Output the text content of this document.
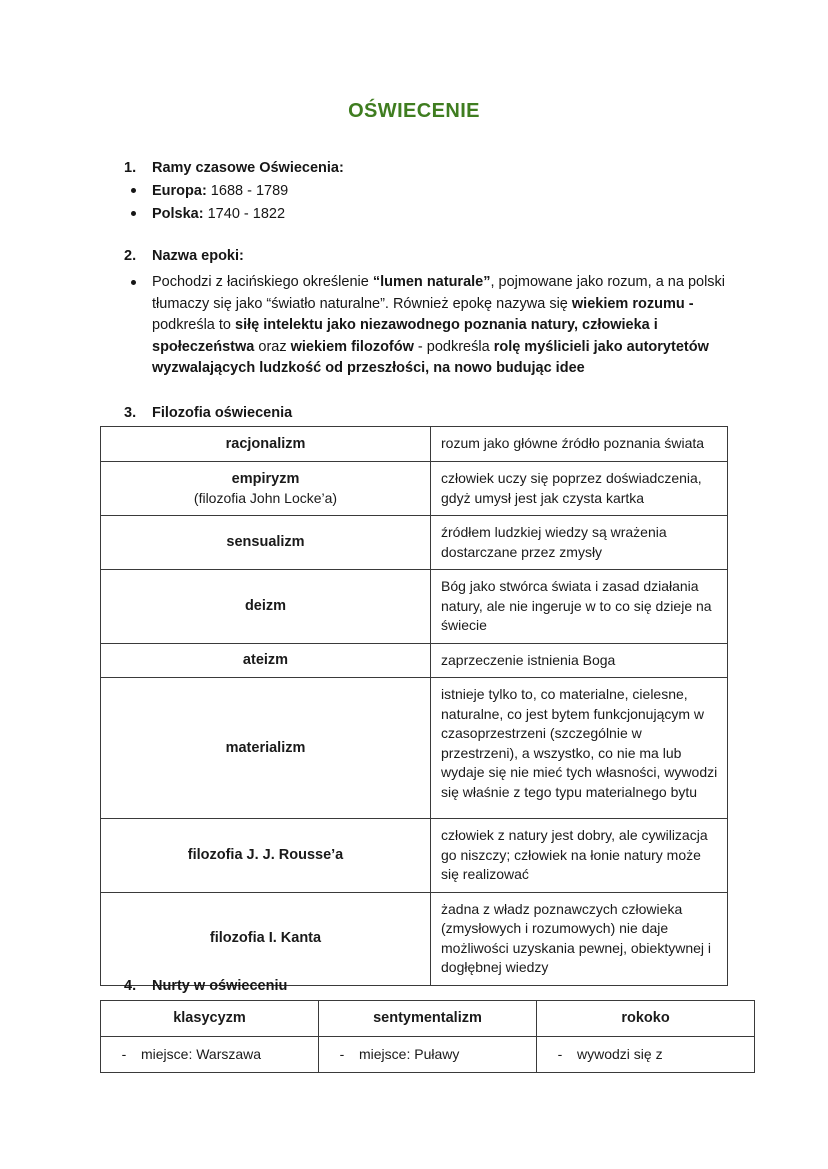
OŚWIECENIE
1. Ramy czasowe Oświecenia:
Europa: 1688 - 1789
Polska: 1740 - 1822
2. Nazwa epoki:
Pochodzi z łacińskiego określenie “lumen naturale”, pojmowane jako rozum, a na polski tłumaczy się jako “światło naturalne”. Również epokę nazywa się wiekiem rozumu - podkreśla to siłę intelektu jako niezawodnego poznania natury, człowieka i społeczeństwa oraz wiekiem filozofów - podkreśla rolę myślicieli jako autorytetów wyzwalających ludzkość od przeszłości, na nowo budując idee
3. Filozofia oświecenia
racjonalizm	rozum jako główne źródło poznania świata
empiryzm
(filozofia John Locke’a)	człowiek uczy się poprzez doświadczenia, gdyż umysł jest jak czysta kartka
sensualizm	źródłem ludzkiej wiedzy są wrażenia dostarczane przez zmysły
deizm	Bóg jako stwórca świata i zasad działania natury, ale nie ingeruje w to co się dzieje na świecie
ateizm	zaprzeczenie istnienia Boga
materializm	istnieje tylko to, co materialne, cielesne, naturalne, co jest bytem funkcjonującym w czasoprzestrzeni (szczególnie w przestrzeni), a wszystko, co nie ma lub wydaje się nie mieć tych własności, wywodzi się właśnie z tego typu materialnego bytu
filozofia J. J. Rousse’a	człowiek z natury jest dobry, ale cywilizacja go niszczy; człowiek na łonie natury może się realizować
filozofia I. Kanta	żadna z władz poznawczych człowieka (zmysłowych i rozumowych) nie daje możliwości uzyskania pewnej, obiektywnej i dogłębnej wiedzy
4. Nurty w oświeceniu
klasycyzm	sentymentalizm	rokoko
- miejsce: Warszawa	- miejsce: Puławy	- wywodzi się z
